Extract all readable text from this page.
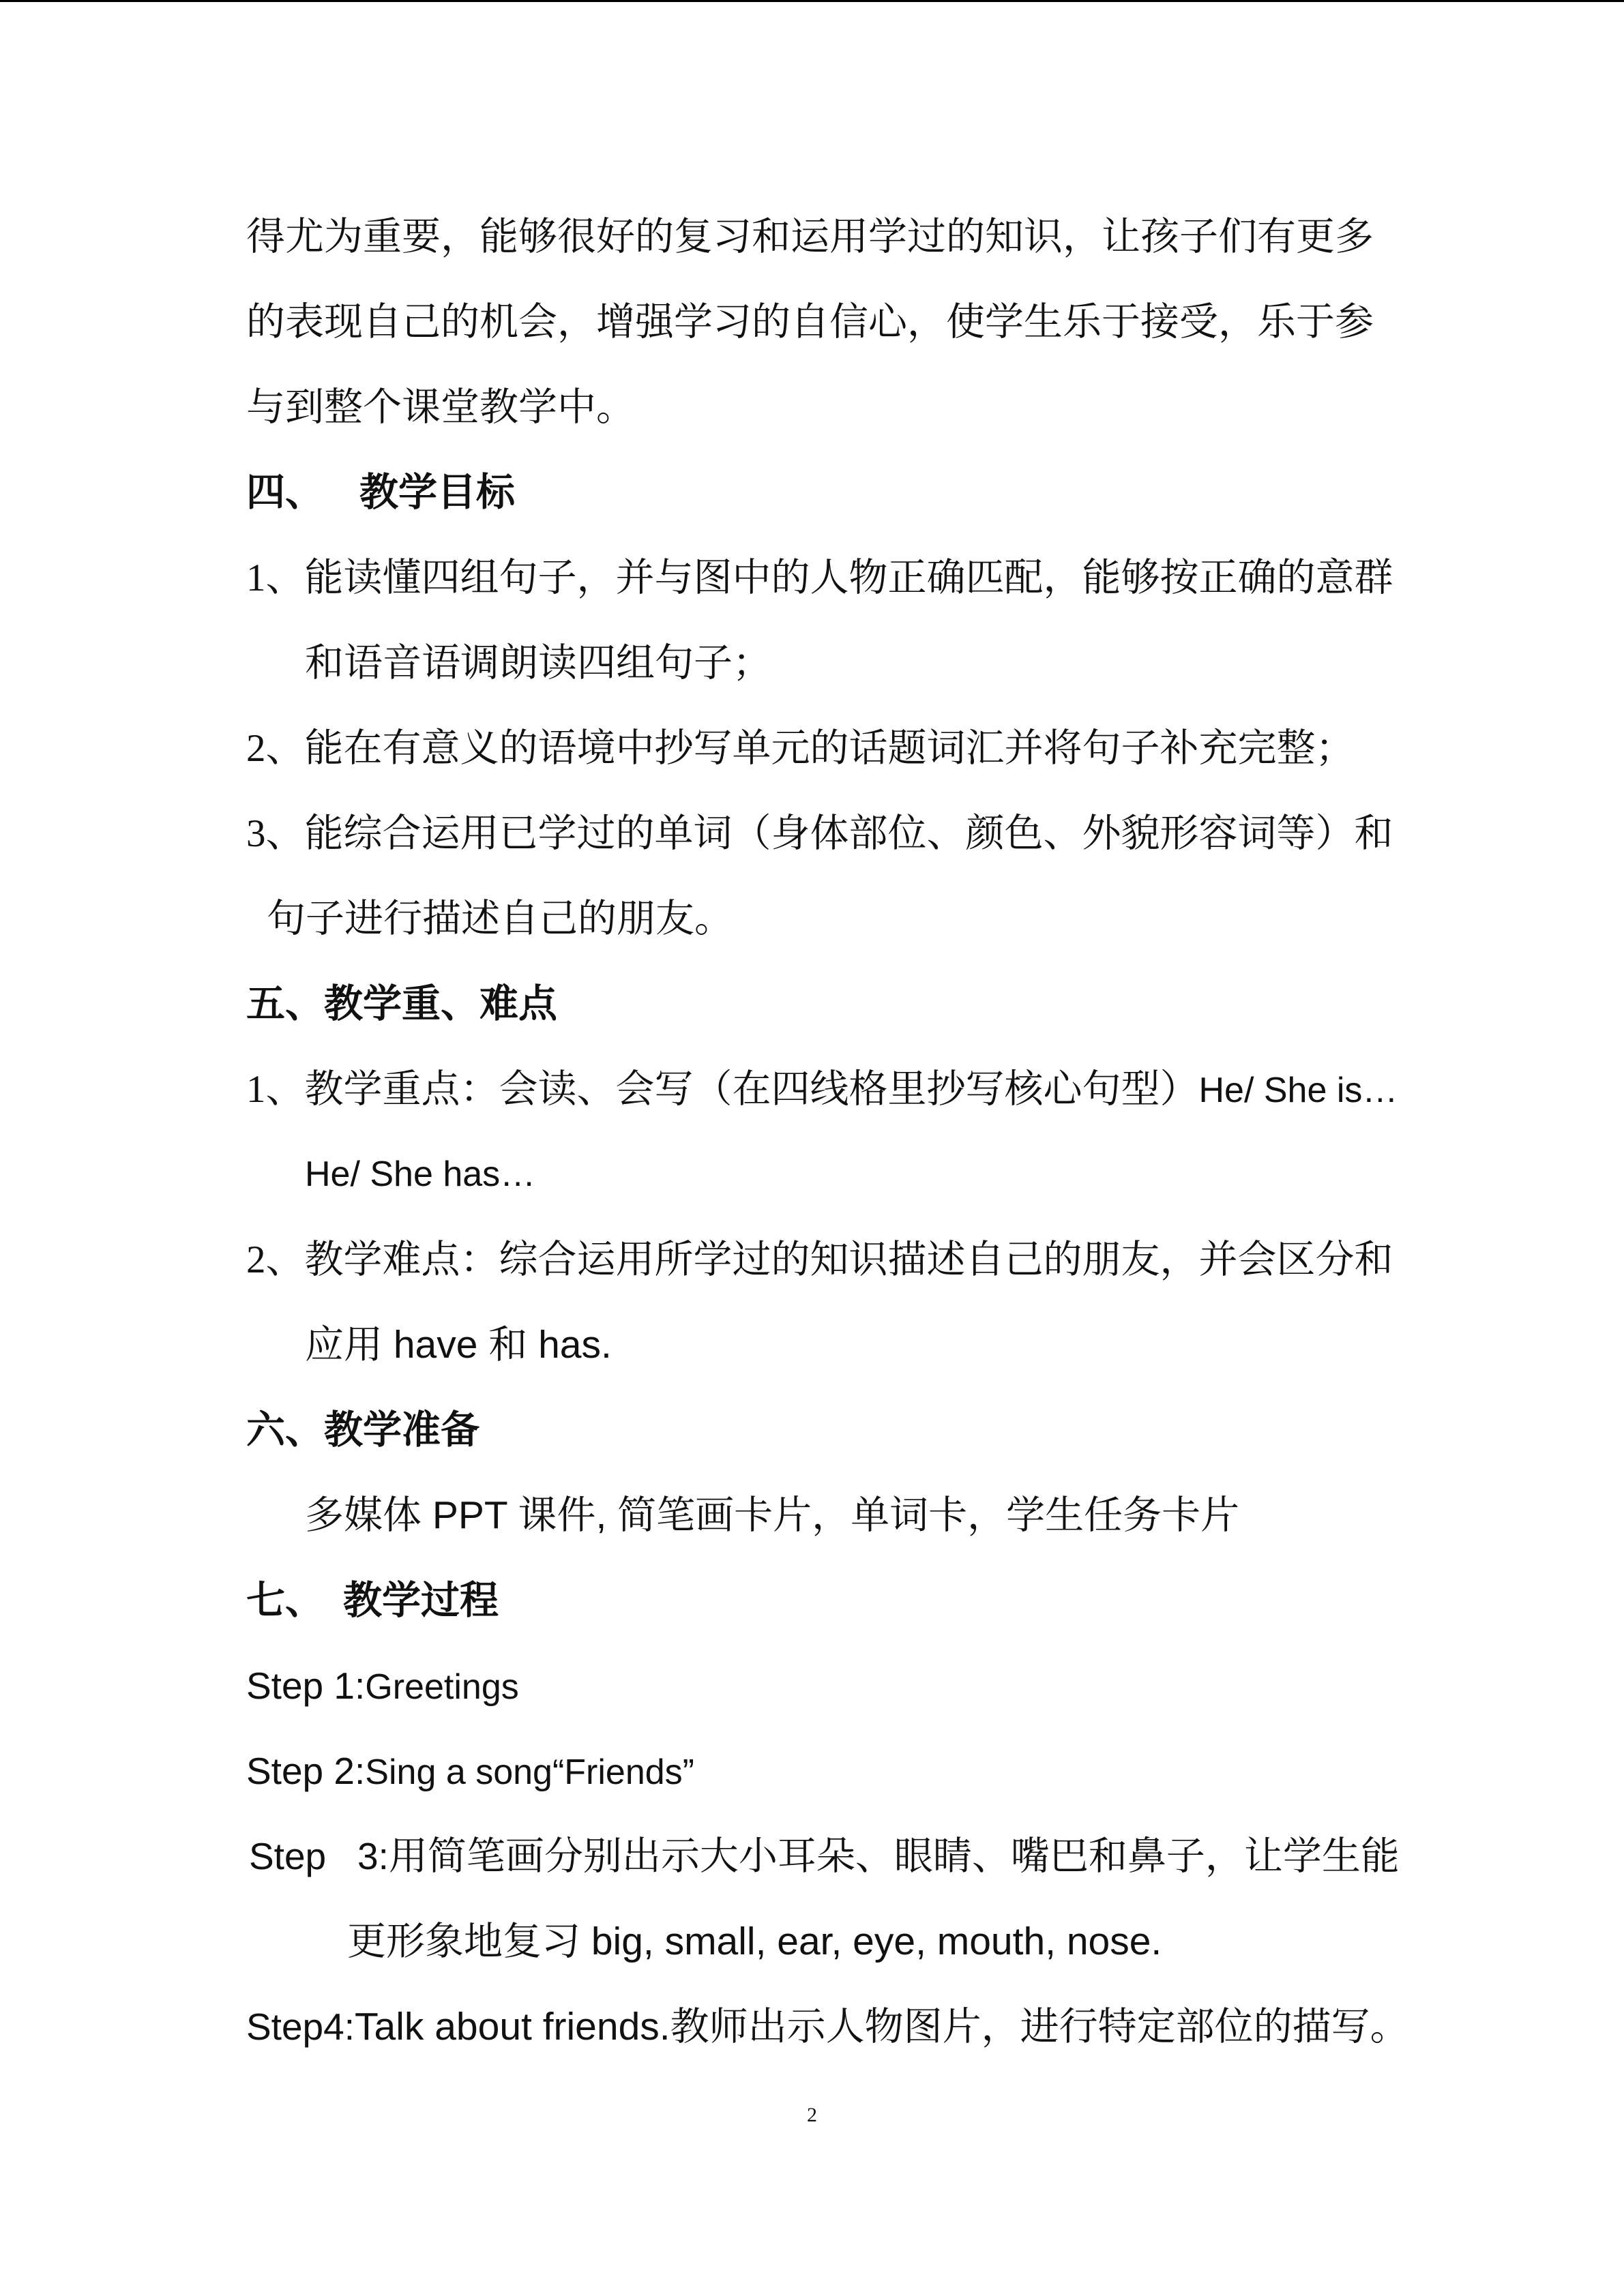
得尤为重要，能够很好的复习和运用学过的知识，让孩子们有更多
的表现自己的机会，增强学习的自信心，使学生乐于接受，乐于参
与到整个课堂教学中。
四、 教学目标
1、能读懂四组句子，并与图中的人物正确匹配，能够按正确的意群
和语音语调朗读四组句子；
2、能在有意义的语境中抄写单元的话题词汇并将句子补充完整；
3、能综合运用已学过的单词（身体部位、颜色、外貌形容词等）和
句子进行描述自己的朋友。
五、教学重、难点
1、教学重点：会读、会写（在四线格里抄写核心句型）He/ She is…
He/ She has…
2、教学难点：综合运用所学过的知识描述自己的朋友，并会区分和
应用 have 和 has.
六、教学准备
多媒体 PPT 课件, 简笔画卡片，单词卡，学生任务卡片
七、 教学过程
Step 1:Greetings
Step 2:Sing a song“Friends”
Step   3:用简笔画分别出示大小耳朵、眼睛、嘴巴和鼻子，让学生能
更形象地复习 big, small, ear, eye, mouth, nose.
Step4:Talk about friends.教师出示人物图片，进行特定部位的描写。
2
